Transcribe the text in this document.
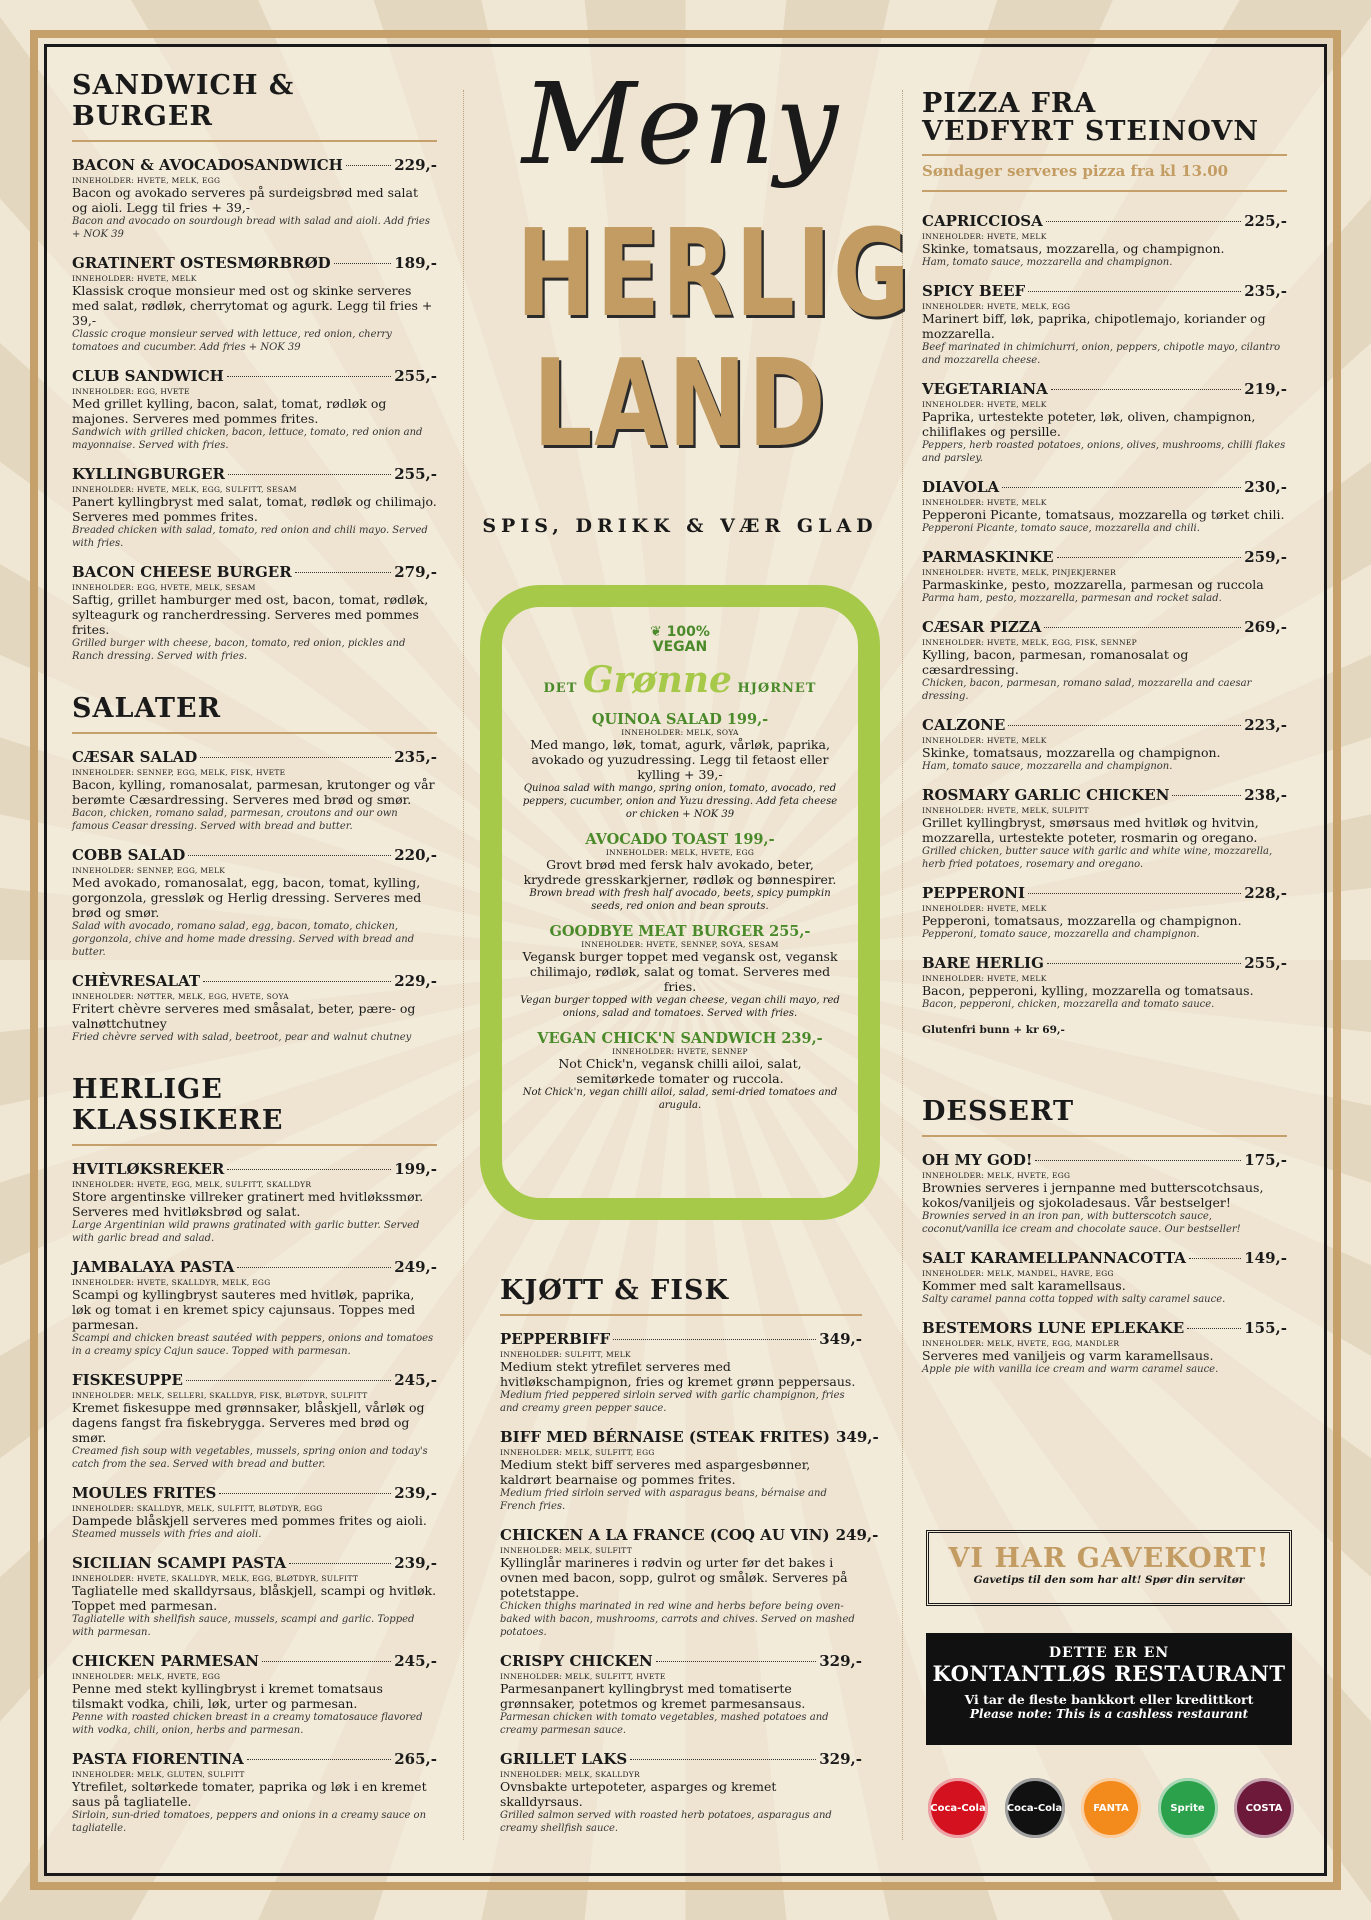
SANDWICH & BURGER
BACON & AVOCADOSANDWICH	229,-
INNEHOLDER: HVETE, MELK, EGG
Bacon og avokado serveres på surdeigsbrød med salat og aioli. Legg til fries + 39,-
Bacon and avocado on sourdough bread with salad and aioli. Add fries + NOK 39
GRATINERT OSTESMØRBRØD	189,-
INNEHOLDER: HVETE, MELK
Klassisk croque monsieur med ost og skinke serveres med salat, rødløk, cherrytomat og agurk. Legg til fries + 39,-
Classic croque monsieur served with lettuce, red onion, cherry tomatoes and cucumber. Add fries + NOK 39
CLUB SANDWICH	255,-
INNEHOLDER: EGG, HVETE
Med grillet kylling, bacon, salat, tomat, rødløk og majones. Serveres med pommes frites.
Sandwich with grilled chicken, bacon, lettuce, tomato, red onion and mayonnaise. Served with fries.
KYLLINGBURGER	255,-
INNEHOLDER: HVETE, MELK, EGG, SULFITT, SESAM
Panert kyllingbryst med salat, tomat, rødløk og chilimajo. Serveres med pommes frites.
Breaded chicken with salad, tomato, red onion and chili mayo. Served with fries.
BACON CHEESE BURGER	279,-
INNEHOLDER: EGG, HVETE, MELK, SESAM
Saftig, grillet hamburger med ost, bacon, tomat, rødløk, sylteagurk og rancherdressing. Serveres med pommes frites.
Grilled burger with cheese, bacon, tomato, red onion, pickles and Ranch dressing. Served with fries.
SALATER
CÆSAR SALAD	235,-
INNEHOLDER: SENNEP, EGG, MELK, FISK, HVETE
Bacon, kylling, romanosalat, parmesan, krutonger og vår berømte Cæsardressing. Serveres med brød og smør.
Bacon, chicken, romano salad, parmesan, croutons and our own famous Ceasar dressing. Served with bread and butter.
COBB SALAD	220,-
INNEHOLDER: SENNEP, EGG, MELK
Med avokado, romanosalat, egg, bacon, tomat, kylling, gorgonzola, gressløk og Herlig dressing. Serveres med brød og smør.
Salad with avocado, romano salad, egg, bacon, tomato, chicken, gorgonzola, chive and home made dressing. Served with bread and butter.
CHÈVRESALAT	229,-
INNEHOLDER: NØTTER, MELK, EGG, HVETE, SOYA
Fritert chèvre serveres med småsalat, beter, pære- og valnøttchutney
Fried chèvre served with salad, beetroot, pear and walnut chutney
HERLIGE KLASSIKERE
HVITLØKSREKER	199,-
INNEHOLDER: HVETE, EGG, MELK, SULFITT, SKALLDYR
Store argentinske villreker gratinert med hvitløkssmør. Serveres med hvitløksbrød og salat.
Large Argentinian wild prawns gratinated with garlic butter. Served with garlic bread and salad.
JAMBALAYA PASTA	249,-
INNEHOLDER: HVETE, SKALLDYR, MELK, EGG
Scampi og kyllingbryst sauteres med hvitløk, paprika, løk og tomat i en kremet spicy cajunsaus. Toppes med parmesan.
Scampi and chicken breast sautéed with peppers, onions and tomatoes in a creamy spicy Cajun sauce. Topped with parmesan.
FISKESUPPE	245,-
INNEHOLDER: MELK, SELLERI, SKALLDYR, FISK, BLØTDYR, SULFITT
Kremet fiskesuppe med grønnsaker, blåskjell, vårløk og dagens fangst fra fiskebrygga. Serveres med brød og smør.
Creamed fish soup with vegetables, mussels, spring onion and today's catch from the sea. Served with bread and butter.
MOULES FRITES	239,-
INNEHOLDER: SKALLDYR, MELK, SULFITT, BLØTDYR, EGG
Dampede blåskjell serveres med pommes frites og aioli.
Steamed mussels with fries and aioli.
SICILIAN SCAMPI PASTA	239,-
INNEHOLDER: HVETE, SKALLDYR, MELK, EGG, BLØTDYR, SULFITT
Tagliatelle med skalldyrsaus, blåskjell, scampi og hvitløk. Toppet med parmesan.
Tagliatelle with shellfish sauce, mussels, scampi and garlic. Topped with parmesan.
CHICKEN PARMESAN	245,-
INNEHOLDER: MELK, HVETE, EGG
Penne med stekt kyllingbryst i kremet tomatsaus tilsmakt vodka, chili, løk, urter og parmesan.
Penne with roasted chicken breast in a creamy tomatosauce flavored with vodka, chili, onion, herbs and parmesan.
PASTA FIORENTINA	265,-
INNEHOLDER: MELK, GLUTEN, SULFITT
Ytrefilet, soltørkede tomater, paprika og løk i en kremet saus på tagliatelle.
Sirloin, sun-dried tomatoes, peppers and onions in a creamy sauce on tagliatelle.
Meny
HERLIG
LAND
SPIS, DRIKK & VÆR GLAD
❦ 100%
VEGAN
DET Grønne HJØRNET
QUINOA SALAD 199,-
INNEHOLDER: MELK, SOYA
Med mango, løk, tomat, agurk, vårløk, paprika, avokado og yuzudressing. Legg til fetaost eller kylling + 39,-
Quinoa salad with mango, spring onion, tomato, avocado, red peppers, cucumber, onion and Yuzu dressing. Add feta cheese or chicken + NOK 39
AVOCADO TOAST 199,-
INNEHOLDER: MELK, HVETE, EGG
Grovt brød med fersk halv avokado, beter, krydrede gresskarkjerner, rødløk og bønnespirer.
Brown bread with fresh half avocado, beets, spicy pumpkin seeds, red onion and bean sprouts.
GOODBYE MEAT BURGER 255,-
INNEHOLDER: HVETE, SENNEP, SOYA, SESAM
Vegansk burger toppet med vegansk ost, vegansk chilimajo, rødløk, salat og tomat. Serveres med fries.
Vegan burger topped with vegan cheese, vegan chili mayo, red onions, salad and tomatoes. Served with fries.
VEGAN CHICK'N SANDWICH 239,-
INNEHOLDER: HVETE, SENNEP
Not Chick'n, vegansk chilli ailoi, salat, semitørkede tomater og ruccola.
Not Chick'n, vegan chilli ailoi, salad, semi-dried tomatoes and arugula.
KJØTT & FISK
PEPPERBIFF	349,-
INNEHOLDER: SULFITT, MELK
Medium stekt ytrefilet serveres med hvitløkschampignon, fries og kremet grønn peppersaus.
Medium fried peppered sirloin served with garlic champignon, fries and creamy green pepper sauce.
BIFF MED BÉRNAISE (STEAK FRITES) 349,-
INNEHOLDER: MELK, SULFITT, EGG
Medium stekt biff serveres med aspargesbønner, kaldrørt bearnaise og pommes frites.
Medium fried sirloin served with asparagus beans, bérnaise and French fries.
CHICKEN A LA FRANCE (COQ AU VIN) 249,-
INNEHOLDER: MELK, SULFITT
Kyllinglår marineres i rødvin og urter før det bakes i ovnen med bacon, sopp, gulrot og småløk. Serveres på potetstappe.
Chicken thighs marinated in red wine and herbs before being oven-baked with bacon, mushrooms, carrots and chives. Served on mashed potatoes.
CRISPY CHICKEN	329,-
INNEHOLDER: MELK, SULFITT, HVETE
Parmesanpanert kyllingbryst med tomatiserte grønnsaker, potetmos og kremet parmesansaus.
Parmesan chicken with tomato vegetables, mashed potatoes and creamy parmesan sauce.
GRILLET LAKS	329,-
INNEHOLDER: MELK, SKALLDYR
Ovnsbakte urtepoteter, asparges og kremet skalldyrsaus.
Grilled salmon served with roasted herb potatoes, asparagus and creamy shellfish sauce.
PIZZA FRA
VEDFYRT STEINOVN
Søndager serveres pizza fra kl 13.00
CAPRICCIOSA	225,-
INNEHOLDER: HVETE, MELK
Skinke, tomatsaus, mozzarella, og champignon.
Ham, tomato sauce, mozzarella and champignon.
SPICY BEEF	235,-
INNEHOLDER: HVETE, MELK, EGG
Marinert biff, løk, paprika, chipotlemajo, koriander og mozzarella.
Beef marinated in chimichurri, onion, peppers, chipotle mayo, cilantro and mozzarella cheese.
VEGETARIANA	219,-
INNEHOLDER: HVETE, MELK
Paprika, urtestekte poteter, løk, oliven, champignon, chiliflakes og persille.
Peppers, herb roasted potatoes, onions, olives, mushrooms, chilli flakes and parsley.
DIAVOLA	230,-
INNEHOLDER: HVETE, MELK
Pepperoni Picante, tomatsaus, mozzarella og tørket chili.
Pepperoni Picante, tomato sauce, mozzarella and chili.
PARMASKINKE	259,-
INNEHOLDER: HVETE, MELK, PINJEKJERNER
Parmaskinke, pesto, mozzarella, parmesan og ruccola
Parma ham, pesto, mozzarella, parmesan and rocket salad.
CÆSAR PIZZA	269,-
INNEHOLDER: HVETE, MELK, EGG, FISK, SENNEP
Kylling, bacon, parmesan, romanosalat og cæsardressing.
Chicken, bacon, parmesan, romano salad, mozzarella and caesar dressing.
CALZONE	223,-
INNEHOLDER: HVETE, MELK
Skinke, tomatsaus, mozzarella og champignon.
Ham, tomato sauce, mozzarella and champignon.
ROSMARY GARLIC CHICKEN	238,-
INNEHOLDER: HVETE, MELK, SULFITT
Grillet kyllingbryst, smørsaus med hvitløk og hvitvin, mozzarella, urtestekte poteter, rosmarin og oregano.
Grilled chicken, butter sauce with garlic and white wine, mozzarella, herb fried potatoes, rosemary and oregano.
PEPPERONI	228,-
INNEHOLDER: HVETE, MELK
Pepperoni, tomatsaus, mozzarella og champignon.
Pepperoni, tomato sauce, mozzarella and champignon.
BARE HERLIG	255,-
INNEHOLDER: HVETE, MELK
Bacon, pepperoni, kylling, mozzarella og tomatsaus.
Bacon, pepperoni, chicken, mozzarella and tomato sauce.
Glutenfri bunn + kr 69,-
DESSERT
OH MY GOD!	175,-
INNEHOLDER: MELK, HVETE, EGG
Brownies serveres i jernpanne med butterscotchsaus, kokos/vaniljeis og sjokoladesaus. Vår bestselger!
Brownies served in an iron pan, with butterscotch sauce, coconut/vanilla ice cream and chocolate sauce. Our bestseller!
SALT KARAMELLPANNACOTTA	149,-
INNEHOLDER: MELK, MANDEL, HAVRE, EGG
Kommer med salt karamellsaus.
Salty caramel panna cotta topped with salty caramel sauce.
BESTEMORS LUNE EPLEKAKE	155,-
INNEHOLDER: MELK, HVETE, EGG, MANDLER
Serveres med vaniljeis og varm karamellsaus.
Apple pie with vanilla ice cream and warm caramel sauce.
VI HAR GAVEKORT!
Gavetips til den som har alt! Spør din servitør
DETTE ER EN
KONTANTLØS RESTAURANT
Vi tar de fleste bankkort eller kredittkort
Please note: This is a cashless restaurant
Coca-Cola Coca-Cola	FANTA	Sprite	COSTA
